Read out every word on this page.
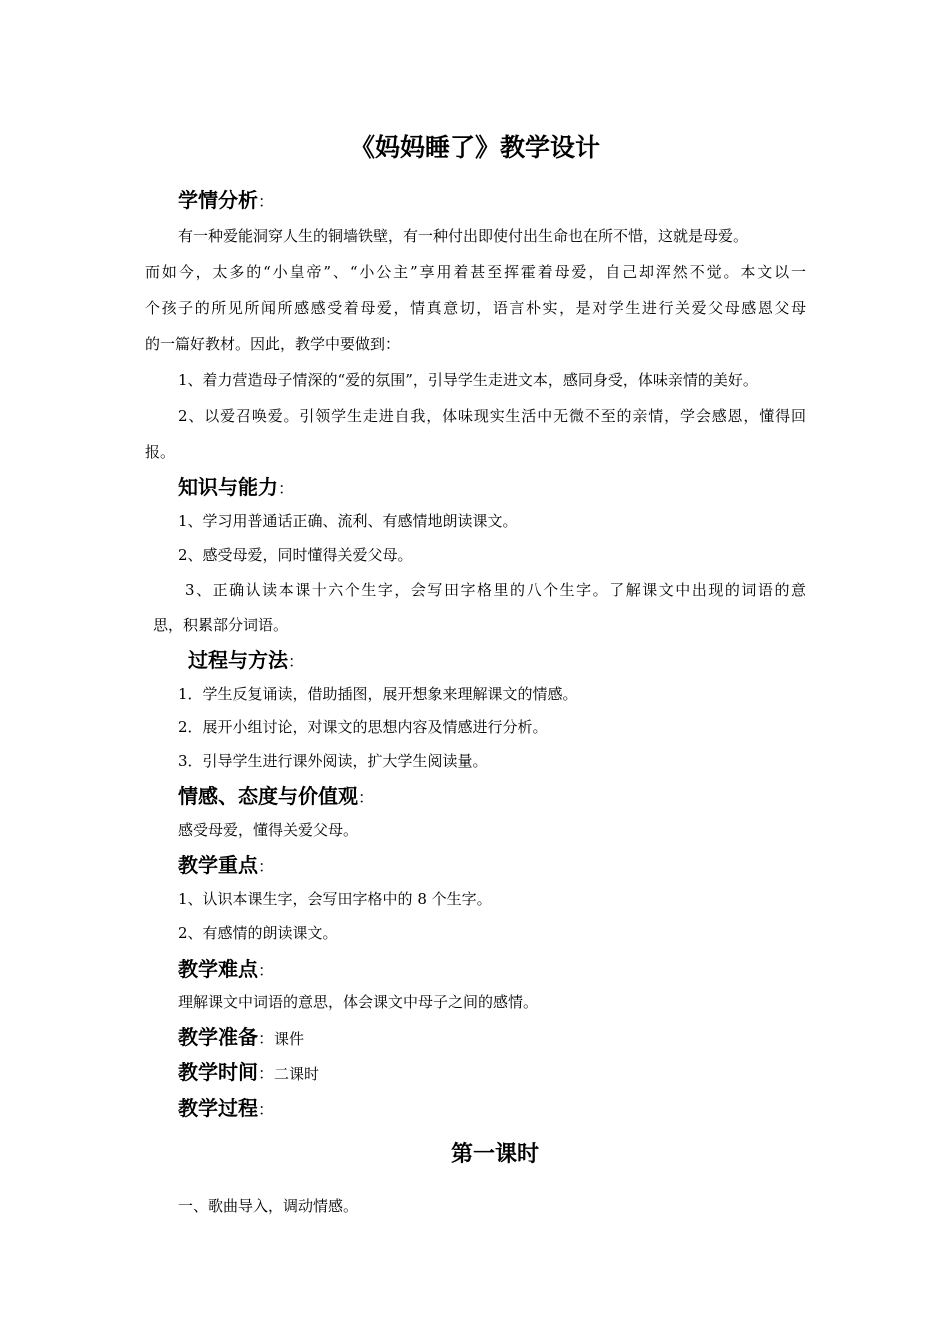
《妈妈睡了》教学设计
学情分析：
有一种爱能洞穿人生的铜墙铁壁，有一种付出即使付出生命也在所不惜，这就是母爱。
而如今，太多的“小皇帝”、“小公主”享用着甚至挥霍着母爱，自己却浑然不觉。本文以一
个孩子的所见所闻所感感受着母爱，情真意切，语言朴实，是对学生进行关爱父母感恩父母
的一篇好教材。因此，教学中要做到：
1、着力营造母子情深的“爱的氛围”，引导学生走进文本，感同身受，体味亲情的美好。
2、以爱召唤爱。引领学生走进自我，体味现实生活中无微不至的亲情，学会感恩，懂得回
报。
知识与能力：
1、学习用普通话正确、流利、有感情地朗读课文。
2、感受母爱，同时懂得关爱父母。
3、正确认读本课十六个生字，会写田字格里的八个生字。了解课文中出现的词语的意
思，积累部分词语。
过程与方法：
1．学生反复诵读，借助插图，展开想象来理解课文的情感。
2．展开小组讨论，对课文的思想内容及情感进行分析。
3．引导学生进行课外阅读，扩大学生阅读量。
情感、态度与价值观：
感受母爱，懂得关爱父母。
教学重点：
1、认识本课生字，会写田字格中的 8 个生字。
2、有感情的朗读课文。
教学难点：
理解课文中词语的意思，体会课文中母子之间的感情。
教学准备：课件
教学时间：二课时
教学过程：
第一课时
一、歌曲导入，调动情感。
